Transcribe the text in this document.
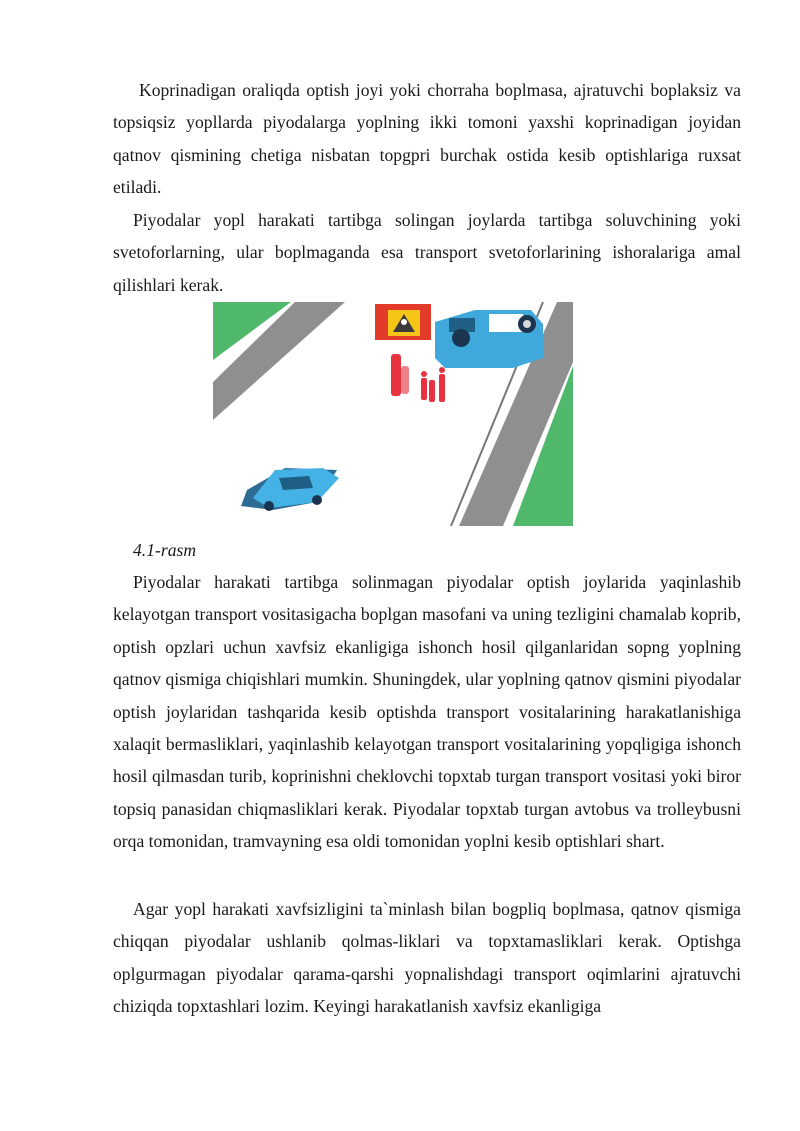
Koprinadigan oraliqda optish joyi yoki chorraha boplmasa, ajratuvchi boplaksiz va topsiqsiz yopllarda piyodalarga yoplning ikki tomoni yaxshi koprinadigan joyidan qatnov qismining chetiga nisbatan topgpri burchak ostida kesib optishlariga ruxsat etiladi.

Piyodalar yopl harakati tartibga solingan joylarda tartibga soluvchining yoki svetoforlarning, ular boplmaganda esa transport svetoforlarining ishoralariga amal qilishlari kerak.

4.1-rasm

Piyodalar harakati tartibga solinmagan piyodalar optish joylarida yaqinlashib kelayotgan transport vositasigacha boplgan masofani va uning tezligini chamalab koprib, optish opzlari uchun xavfsiz ekanligiga ishonch hosil qilganlaridan sopng yoplning qatnov qismiga chiqishlari mumkin. Shuningdek, ular yoplning qatnov qismini piyodalar optish joylaridan tashqarida kesib optishda transport vositalarining harakatlanishiga xalaqit bermasliklari, yaqinlashib kelayotgan transport vositalarining yopqligiga ishonch hosil qilmasdan turib, koprinishni cheklovchi topxtab turgan transport vositasi yoki biror topsiq panasidan chiqmasliklari kerak. Piyodalar topxtab turgan avtobus va trolleybusni orqa tomonidan, tramvayning esa oldi tomonidan yoplni kesib optishlari shart.

Agar yopl harakati xavfsizligini ta`minlash bilan bogpliq boplmasa, qatnov qismiga chiqqan piyodalar ushlanib qolmas-liklari va topxtamasliklari kerak. Optishga oplgurmagan piyodalar qarama-qarshi yopnalishdagi transport oqimlarini ajratuvchi chiziqda topxtashlari lozim. Keyingi harakatlanish xavfsiz ekanligiga
